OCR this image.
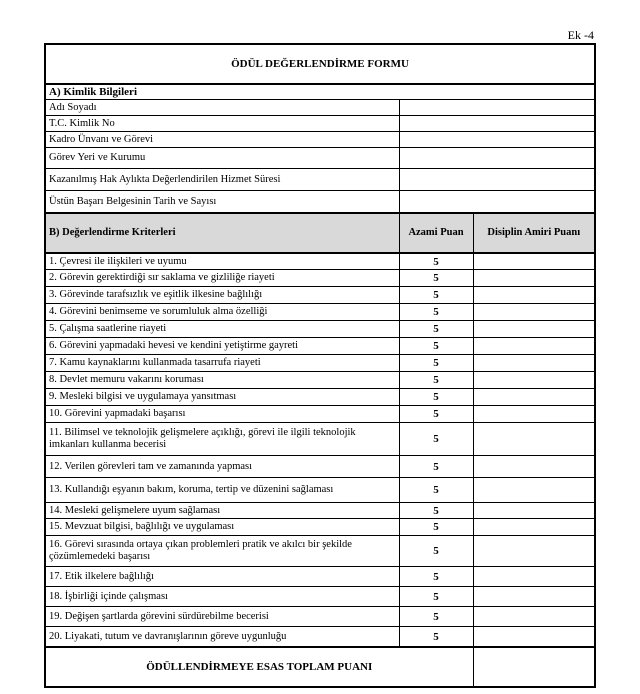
Ek -4
ÖDÜL DEĞERLENDİRME FORMU		
A) Kimlik Bilgileri		
Adı Soyadı		
T.C. Kimlik No		
Kadro Ünvanı ve Görevi		
Görev Yeri ve Kurumu		
Kazanılmış Hak Aylıkta Değerlendirilen Hizmet Süresi		
Üstün Başarı Belgesinin Tarih ve Sayısı		
B) Değerlendirme Kriterleri	Azami Puan	Disiplin Amiri Puanı
1. Çevresi ile ilişkileri ve uyumu	5	
2. Görevin gerektirdiği sır saklama ve gizliliğe riayeti	5	
3. Görevinde tarafsızlık ve eşitlik ilkesine bağlılığı	5	
4. Görevini benimseme ve sorumluluk alma özelliği	5	
5. Çalışma saatlerine riayeti	5	
6. Görevini yapmadaki hevesi ve kendini yetiştirme gayreti	5	
7. Kamu kaynaklarını kullanmada tasarrufa riayeti	5	
8. Devlet memuru vakarını koruması	5	
9. Mesleki bilgisi ve uygulamaya yansıtması	5	
10. Görevini yapmadaki başarısı	5	
11. Bilimsel ve teknolojik gelişmelere açıklığı, görevi ile ilgili teknolojik imkanları kullanma becerisi	5	
12. Verilen görevleri tam ve zamanında yapması	5	
13. Kullandığı eşyanın bakım, koruma, tertip ve düzenini sağlaması	5	
14. Mesleki gelişmelere uyum sağlaması	5	
15. Mevzuat bilgisi, bağlılığı ve uygulaması	5	
16. Görevi sırasında ortaya çıkan problemleri pratik ve akılcı bir şekilde çözümlemedeki başarısı	5	
17. Etik ilkelere bağlılığı	5	
18. İşbirliği içinde çalışması	5	
19. Değişen şartlarda görevini sürdürebilme becerisi	5	
20. Liyakati, tutum ve davranışlarının göreve uygunluğu	5	
ÖDÜLLENDİRMEYE ESAS TOPLAM PUANI		
